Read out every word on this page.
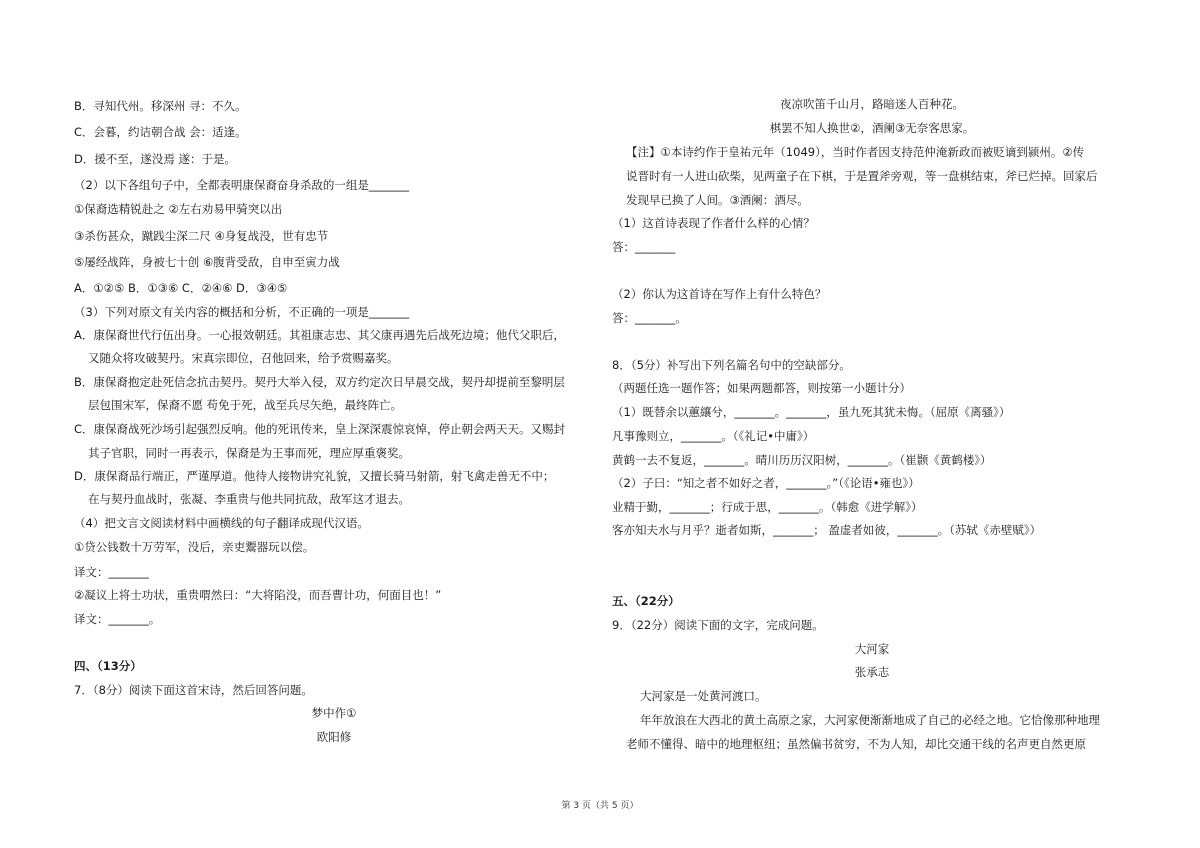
B．寻知代州。移深州 寻：不久。
C．会暮，约诘朝合战 会：适逢。
D．援不至，遂没焉 遂：于是。
（2）以下各组句子中，全都表明康保裔奋身杀敌的一组是_______
①保裔选精锐赴之 ②左右劝易甲骑突以出
③杀伤甚众，蹴践尘深二尺 ④身复战没，世有忠节
⑤屡经战阵，身被七十创 ⑥腹背受敌，自申至寅力战
A．①②⑤ B．①③⑥ C．②④⑥ D．③④⑤
（3）下列对原文有关内容的概括和分析，不正确的一项是_______
A．康保裔世代行伍出身。一心报效朝廷。其祖康志忠、其父康再遇先后战死边境；他代父职后，
又随众将攻破契丹。宋真宗即位，召他回来，给予赏赐嘉奖。
B．康保裔抱定赴死信念抗击契丹。契丹大举入侵，双方约定次日早晨交战，契丹却提前至黎明层
层包围宋军，保裔不愿 苟免于死，战至兵尽矢绝，最终阵亡。
C．康保裔战死沙场引起强烈反响。他的死讯传来，皇上深深震惊哀悼，停止朝会两天天。又赐封
其子官职，同时一再表示，保裔是为王事而死，理应厚重褒奖。
D．康保裔品行端正，严谨厚道。他待人接物讲究礼貌，又擅长骑马射箭，射飞禽走兽无不中；
在与契丹血战时，张凝、李重贵与他共同抗敌，敌军这才退去。
（4）把文言文阅读材料中画横线的句子翻译成现代汉语。
①贷公钱数十万劳军，没后，亲吏鬻器玩以偿。
译文：_______
②凝议上将士功状，重贵喟然曰：“大将陷没，而吾曹计功，何面目也！”
译文：_______。
四、（13分）
7．（8分）阅读下面这首宋诗，然后回答问题。
梦中作①
欧阳修
夜凉吹笛千山月，路暗迷人百种花。
棋罢不知人换世②，酒阑③无奈客思家。
【注】①本诗约作于皇祐元年（1049），当时作者因支持范仲淹新政而被贬谪到颍州。②传
说晋时有一人进山砍柴，见两童子在下棋，于是置斧旁观，等一盘棋结束，斧已烂掉。回家后
发现早已换了人间。③酒阑：酒尽。
（1）这首诗表现了作者什么样的心情？
答：_______
（2）你认为这首诗在写作上有什么特色？
答：_______。
8．（5分）补写出下列名篇名句中的空缺部分。
（两题任选一题作答；如果两题都答，则按第一小题计分）
（1）既替余以蕙纕兮，_______。_______，虽九死其犹未悔。（屈原《离骚》）
凡事豫则立，_______。（《礼记•中庸》）
黄鹤一去不复返，_______。晴川历历汉阳树，_______。（崔颢《黄鹤楼》）
（2）子曰：“知之者不如好之者，_______。”（《论语•雍也》）
业精于勤，_______；行成于思，_______。（韩愈《进学解》）
客亦知夫水与月乎？逝者如斯，_______； 盈虚者如彼，_______。（苏轼《赤壁赋》）
五、（22分）
9．（22分）阅读下面的文字，完成问题。
大河家
张承志
大河家是一处黄河渡口。
年年放浪在大西北的黄土高原之家，大河家便渐渐地成了自己的必经之地。它恰像那种地理
老师不懂得、暗中的地理枢纽；虽然偏书贫穷，不为人知，却比交通干线的名声更自然更原
第 3 页（共 5 页）
